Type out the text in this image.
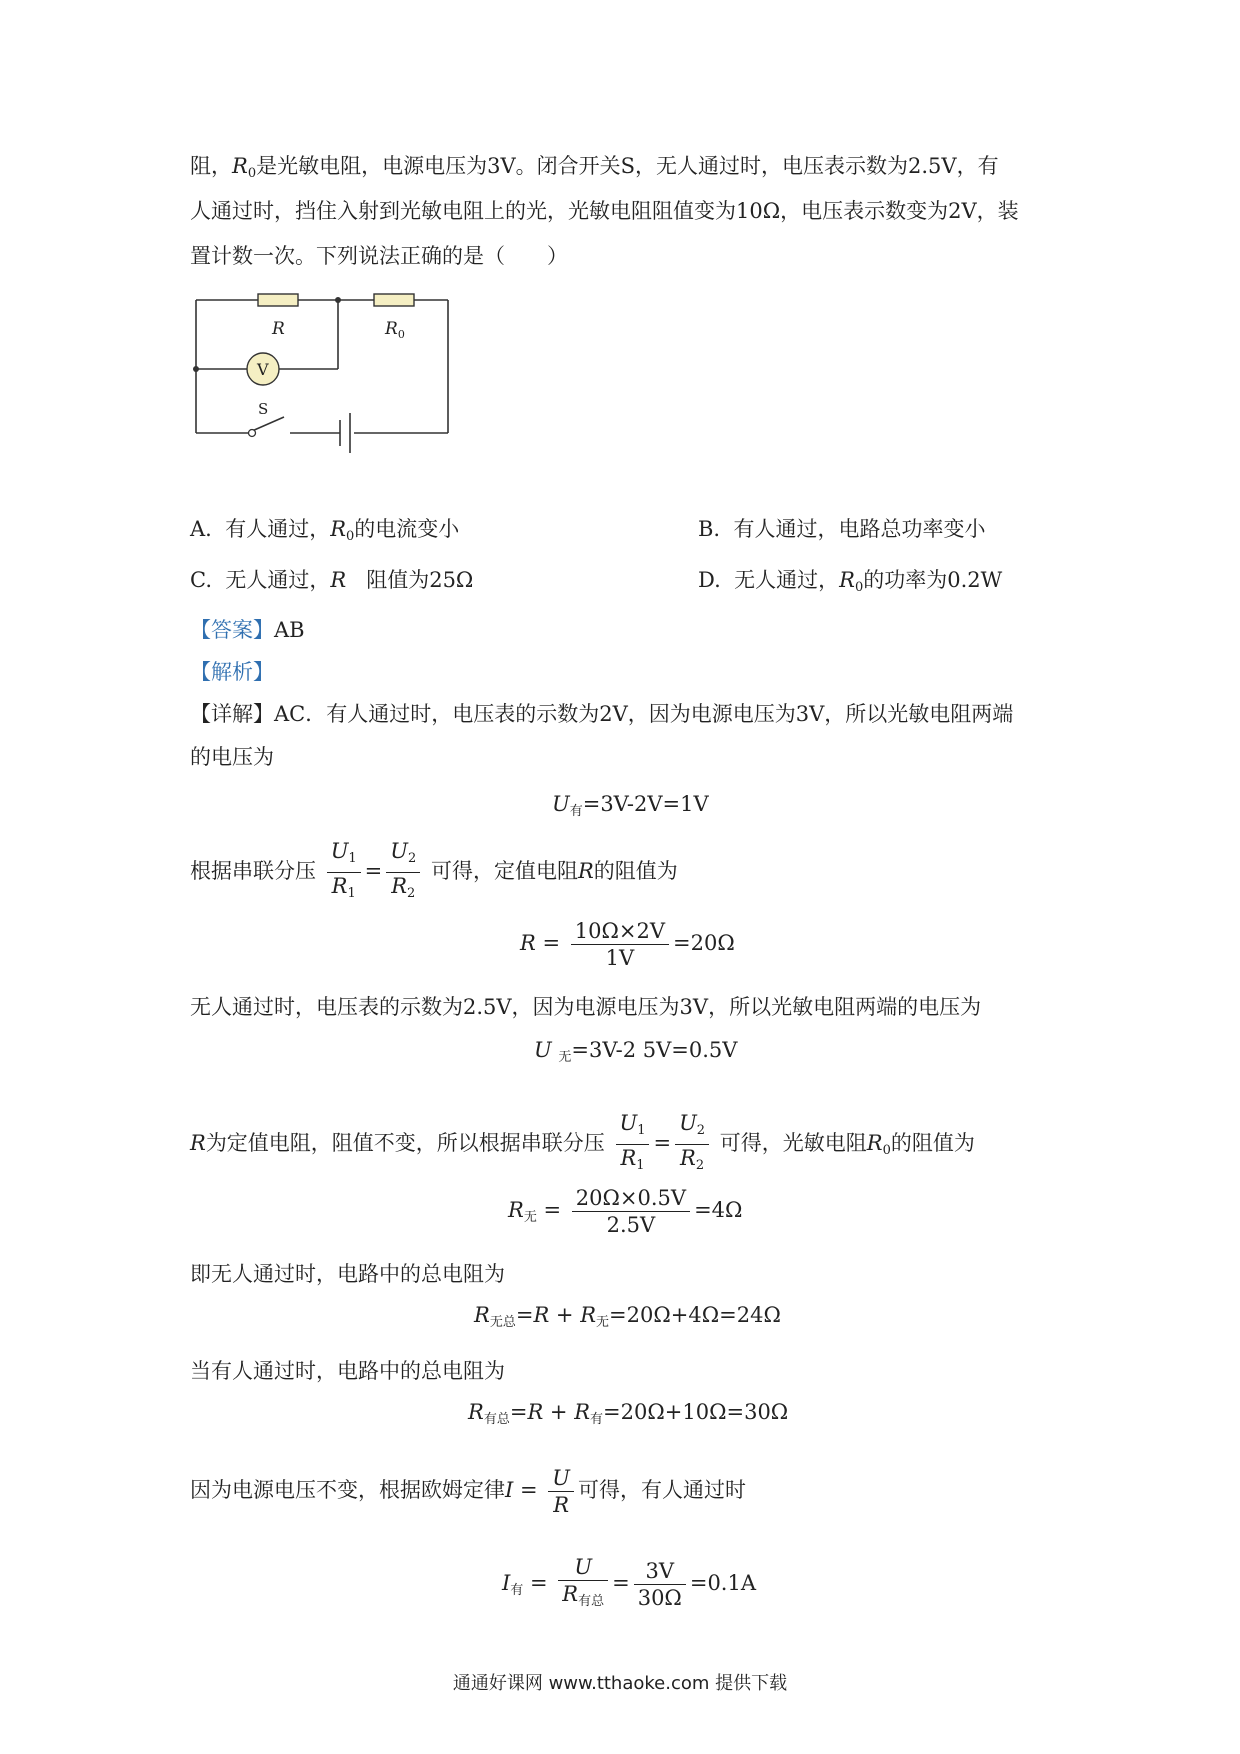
阻，$R_0$是光敏电阻，电源电压为3V。闭合开关S，无人通过时，电压表示数为2.5V，有
人通过时，挡住入射到光敏电阻上的光，光敏电阻阻值变为10Ω，电压表示数变为2V，装
置计数一次。下列说法正确的是（　　）
R	$R_0$
V
S
A. 有人通过，$R_0$的电流变小	B. 有人通过，电路总功率变小
C. 无人通过，R 阻值为25Ω	D. 无人通过，$R_0$的功率为0.2W
【答案】AB
【解析】
【详解】AC．有人通过时，电压表的示数为2V，因为电源电压为3V，所以光敏电阻两端
的电压为
$U_有=3V-2V=1V$
根据串联分压 $\frac{U_1}{R_1} = \frac{U_2}{R_2}$ 可得，定值电阻R的阻值为
$R = \frac{10\Omega\times 2V}{1V} =20\Omega$
无人通过时，电压表的示数为2.5V，因为电源电压为3V，所以光敏电阻两端的电压为
U $_无$=3V-2 5V=0.5V
R为定值电阻，阻值不变，所以根据串联分压 $\frac{U_1}{R_1} = \frac{U_2}{R_2}$ 可得，光敏电阻$R_0$的阻值为
$R_无 = \frac{20\Omega\times 0.5V}{2.5V} =4\Omega$
即无人通过时，电路中的总电阻为
$R_{无总}=R + R_无=20\Omega+4\Omega=24\Omega$
当有人通过时，电路中的总电阻为
$R_{有总}=R + R_有=20\Omega+10\Omega=30\Omega$
因为电源电压不变，根据欧姆定律$I = \frac{U}{R}$ 可得，有人通过时
$I_有 = \frac{U}{R_{有总}} = \frac{3V}{30\Omega} =0.1A$
通通好课网 www.tthaoke.com 提供下载
